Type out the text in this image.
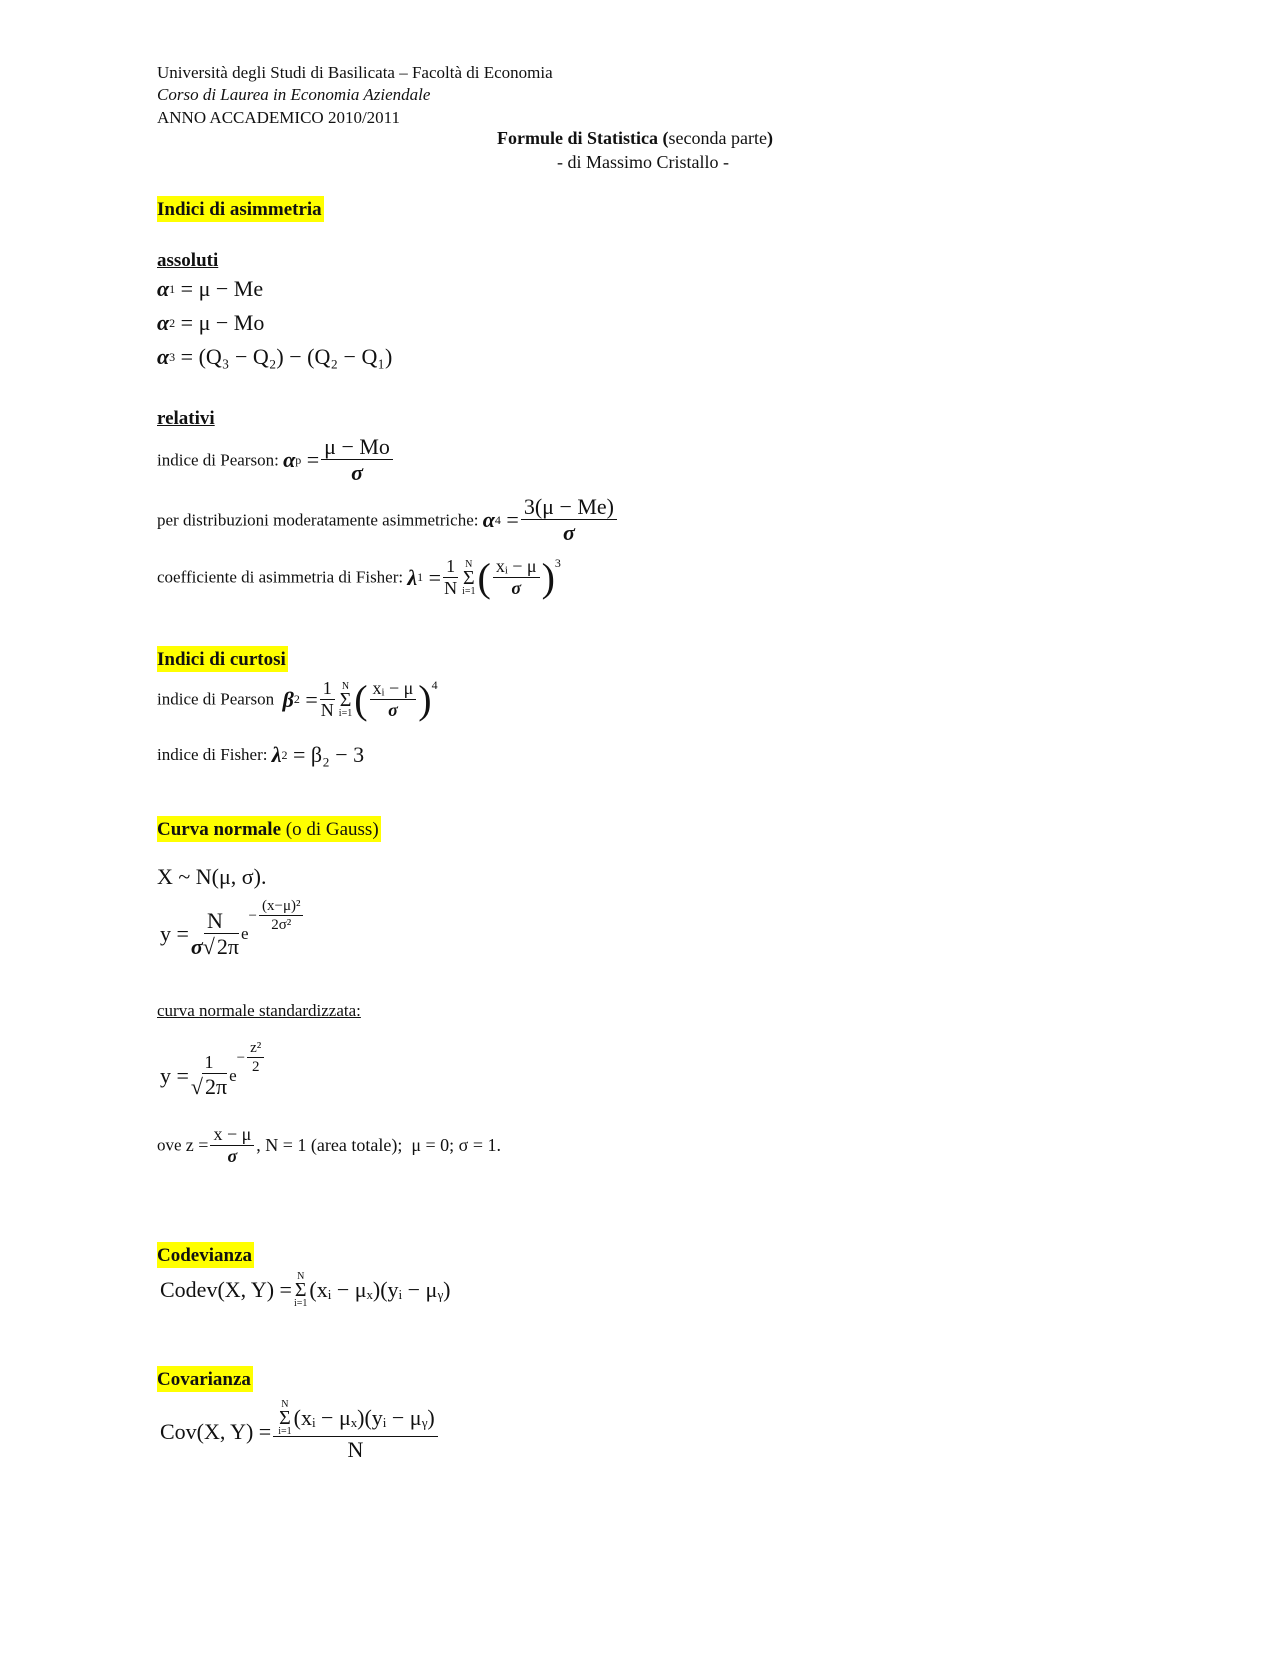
Università degli Studi di Basilicata – Facoltà di Economia
Corso di Laurea in Economia Aziendale
ANNO ACCADEMICO 2010/2011
Formule di Statistica (seconda parte)
- di Massimo Cristallo -
Indici di asimmetria
assoluti
α 1
= μ − Me
α 2
= μ − Mo
α 3
= (Q₃ − Q₂) − (Q₂ − Q₁)
relativi
indice di Pearson: α p
= $\frac{\mu - Mo}{\sigma}$
per distribuzioni moderatamente asimmetriche: α 4
= $\frac{3(\mu - Me)}{\sigma}$
coefficiente di asimmetria di Fisher: λ 1
= $\frac{1}{N}$ N
Σ
i=1 ( $\frac{\text{xᵢ − μ}}{\sigma} )^3$
Indici di curtosi
indice di Pearson β 2
= $\frac{1}{N}$ N
Σ
i=1 ( $\frac{\text{xᵢ − μ}}{\sigma} )^4$
indice di Fisher: λ 2
= β₂ − 3
Curva normale (o di Gauss)
X ~ N(μ, σ).
$y = \frac{N}{\sigma√2\pi}$ e
− $\frac{\text{(x−μ)²}}{\text{2σ²}}$
curva normale standardizzata:
$y = \frac{1}{√2\pi}$ e
− $\frac{\text{z²}}{2}$
ove $z = \frac{x - \mu}{\sigma}$ , N = 1 (area totale);
μ = 0;
σ = 1.
Codevianza
Codev(X, Y) =
N
Σ
i=1
(xᵢ − μₓ)(yᵢ − μᵧ)
Covarianza
Cov(X, Y) = N
Σ
i=1
(xᵢ − μₓ)(yᵢ − μᵧ)
N
